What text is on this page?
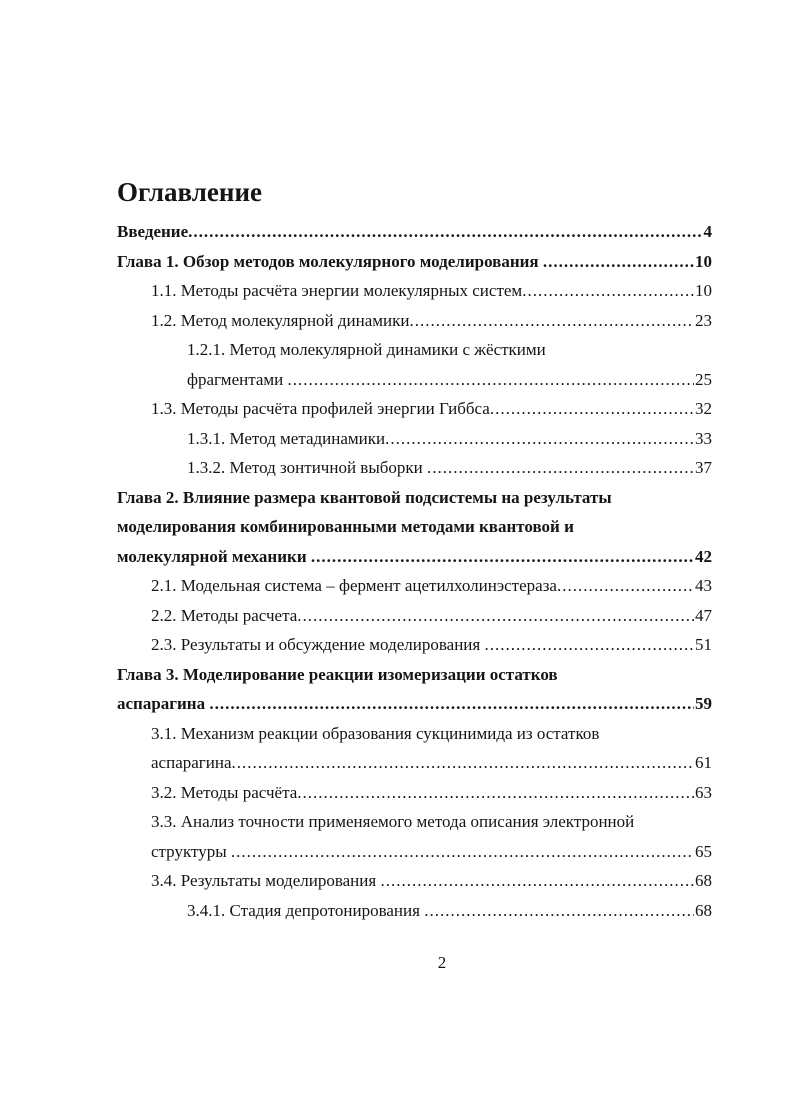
Оглавление
Введение .....	4
Глава 1. Обзор методов молекулярного моделирования .....	10
1.1. Методы расчёта энергии молекулярных систем .....	10
1.2. Метод молекулярной динамики .....	23
1.2.1. Метод молекулярной динамики с жёсткими
фрагментами .....	25
1.3. Методы расчёта профилей энергии Гиббса .....	32
1.3.1. Метод метадинамики .....	33
1.3.2. Метод зонтичной выборки .....	37
Глава 2. Влияние размера квантовой подсистемы на результаты
моделирования комбинированными методами квантовой и
молекулярной механики .....	42
2.1. Модельная система – фермент ацетилхолинэстераза .....	43
2.2. Методы расчета .....	47
2.3. Результаты и обсуждение моделирования .....	51
Глава 3. Моделирование реакции изомеризации остатков
аспарагина .....	59
3.1. Механизм реакции образования сукцинимида из остатков
аспарагина .....	61
3.2. Методы расчёта .....	63
3.3. Анализ точности применяемого метода описания электронной
структуры .....	65
3.4. Результаты моделирования .....	68
3.4.1. Стадия депротонирования .....	68
2
